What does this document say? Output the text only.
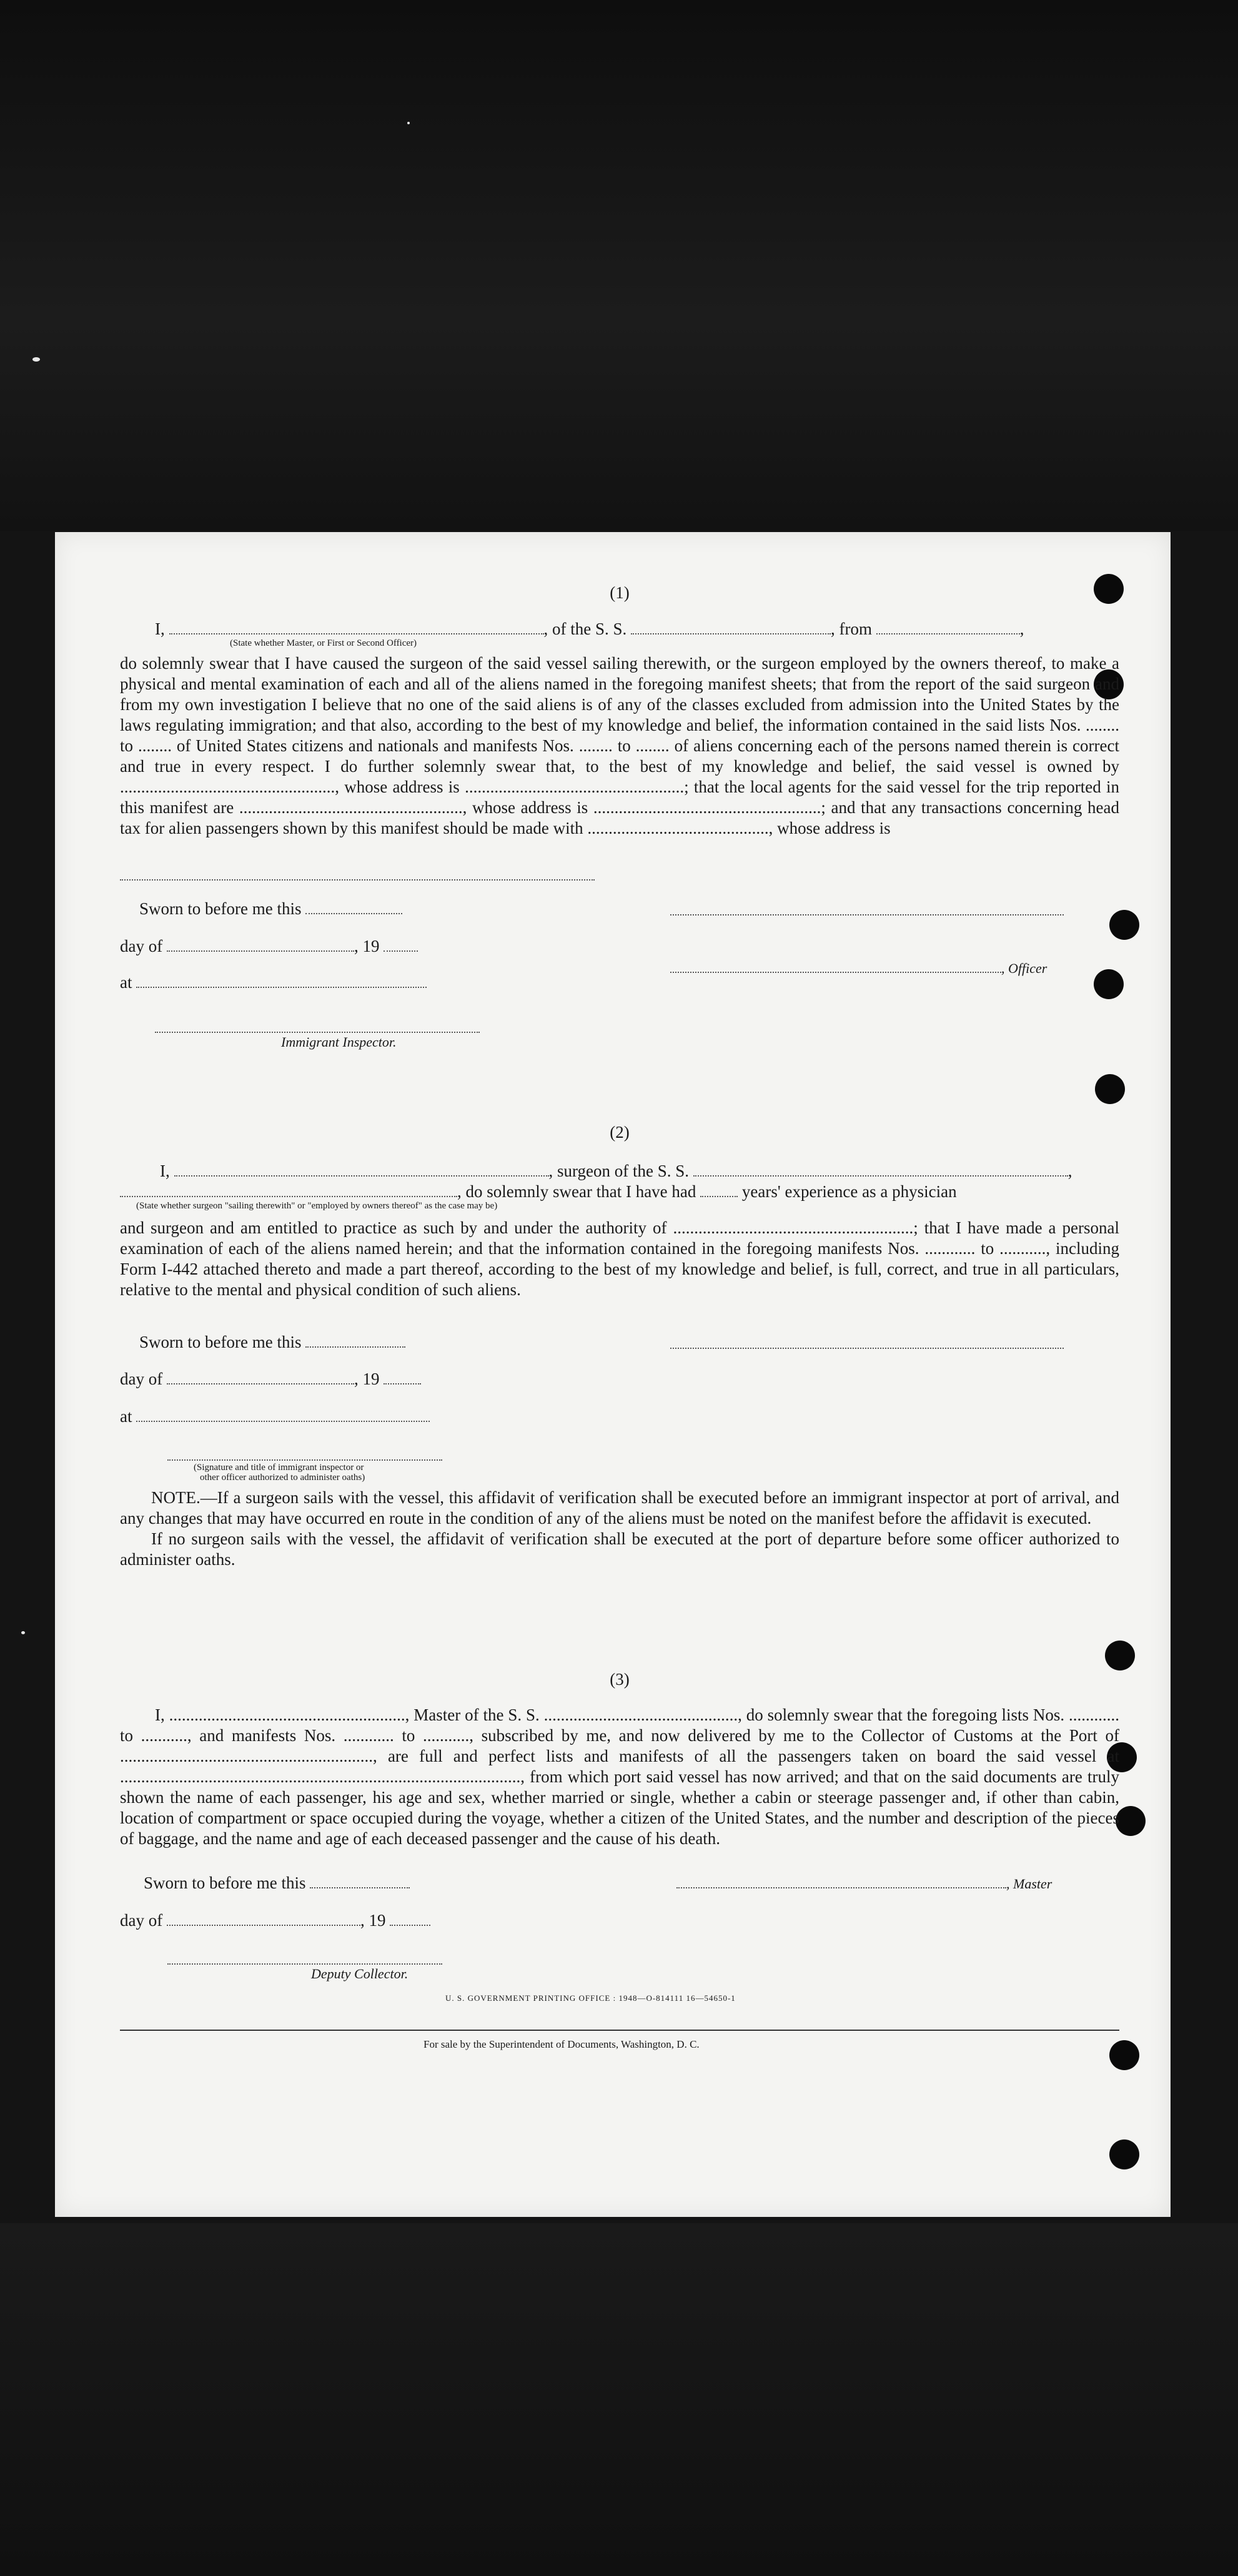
(1)
I,	, of the S. S.	, from	,
(State whether Master, or First or Second Officer)

do solemnly swear that I have caused the surgeon of the said vessel sailing therewith, or the surgeon employed by the owners thereof, to make a physical and mental examination of each and all of the aliens named in the foregoing manifest sheets; that from the report of the said surgeon and from my own investigation I believe that no one of the said aliens is of any of the classes excluded from admission into the United States by the laws regulating immigration; and that also, according to the best of my knowledge and belief, the information contained in the said lists Nos. ........ to ........ of United States citizens and nationals and manifests Nos. ........ to ........ of aliens concerning each of the persons named therein is correct and true in every respect. I do further solemnly swear that, to the best of my knowledge and belief, the said vessel is owned by ..................................................., whose address is ....................................................; that the local agents for the said vessel for the trip reported in this manifest are ....................................................., whose address is ......................................................; and that any transactions concerning head tax for alien passengers shown by this manifest should be made with ..........................................., whose address is

Sworn to before me this
day of	, 19
, Officer
at
Immigrant Inspector.
(2)
I,	, surgeon of the S. S.	,
, do solemnly swear that I have had	years' experience as a physician
(State whether surgeon "sailing therewith" or "employed by owners thereof" as the case may be)

and surgeon and am entitled to practice as such by and under the authority of .........................................................; that I have made a personal examination of each of the aliens named herein; and that the information contained in the foregoing manifests Nos. ............ to ..........., including Form I-442 attached thereto and made a part thereof, according to the best of my knowledge and belief, is full, correct, and true in all particulars, relative to the mental and physical condition of such aliens.

Sworn to before me this
day of	, 19
at
(Signature and title of immigrant inspector or
other officer authorized to administer oaths)

NOTE.—If a surgeon sails with the vessel, this affidavit of verification shall be executed before an immigrant inspector at port of arrival, and any changes that may have occurred en route in the condition of any of the aliens must be noted on the manifest before the affidavit is executed.

If no surgeon sails with the vessel, the affidavit of verification shall be executed at the port of departure before some officer authorized to administer oaths.

(3)

I, ........................................................, Master of the S. S. .............................................., do solemnly swear that the foregoing lists Nos. ............ to ..........., and manifests Nos. ............ to ..........., subscribed by me, and now delivered by me to the Collector of Customs at the Port of ............................................................, are full and perfect lists and manifests of all the passengers taken on board the said vessel at ..............................................................................................., from which port said vessel has now arrived; and that on the said documents are truly shown the name of each passenger, his age and sex, whether married or single, whether a cabin or steerage passenger and, if other than cabin, location of compartment or space occupied during the voyage, whether a citizen of the United States, and the number and description of the pieces of baggage, and the name and age of each deceased passenger and the cause of his death.

Sworn to before me this	, Master
day of	, 19
Deputy Collector.
U. S. GOVERNMENT PRINTING OFFICE : 1948—O-814111 16—54650-1
For sale by the Superintendent of Documents, Washington, D. C.
